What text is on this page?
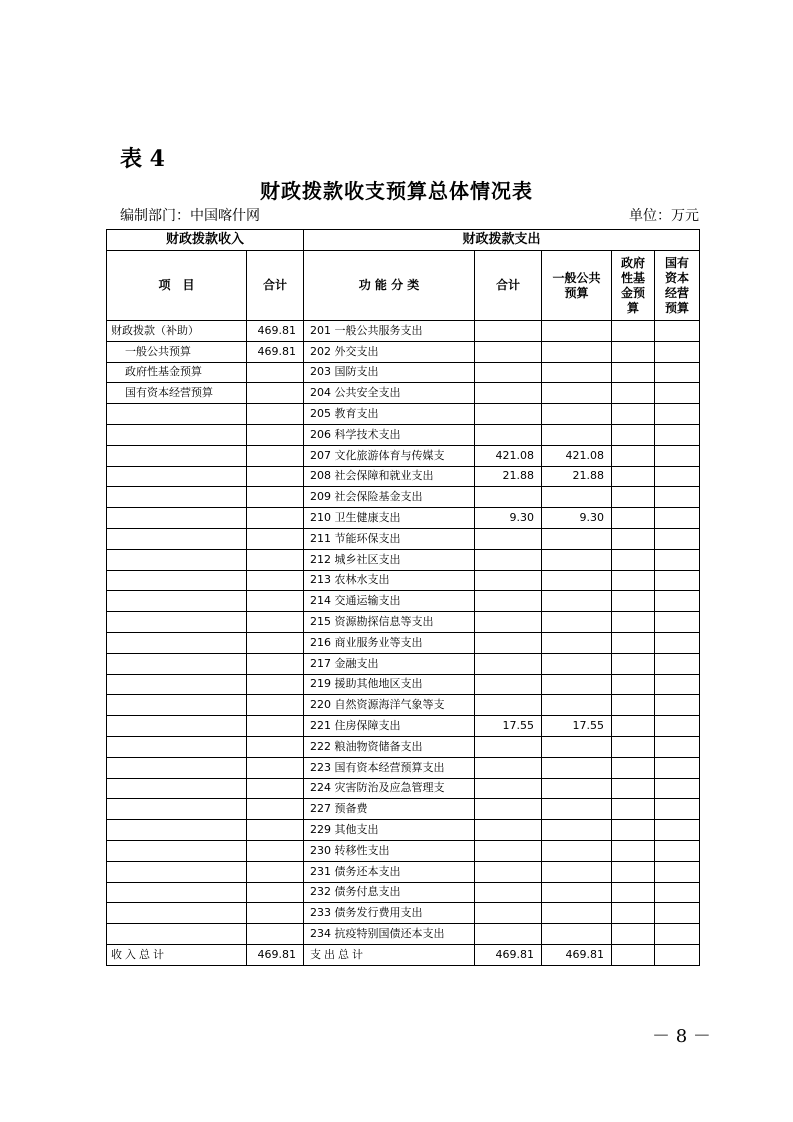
表 4
财政拨款收支预算总体情况表
编制部门：中国喀什网	单位：万元
财政拨款收入		财政拨款支出				
项　目	合计	功 能 分 类	合计	一般公共预算	政府性基金预算	国有资本经营预算
财政拨款（补助）	469.81	201 一般公共服务支出				
一般公共预算	469.81	202 外交支出				
政府性基金预算		203 国防支出				
国有资本经营预算		204 公共安全支出				
		205 教育支出				
		206 科学技术支出				
		207 文化旅游体育与传媒支	421.08	421.08		
		208 社会保障和就业支出	21.88	21.88		
		209 社会保险基金支出				
		210 卫生健康支出	9.30	9.30		
		211 节能环保支出				
		212 城乡社区支出				
		213 农林水支出				
		214 交通运输支出				
		215 资源勘探信息等支出				
		216 商业服务业等支出				
		217 金融支出				
		219 援助其他地区支出				
		220 自然资源海洋气象等支				
		221 住房保障支出	17.55	17.55		
		222 粮油物资储备支出				
		223 国有资本经营预算支出				
		224 灾害防治及应急管理支				
		227 预备费				
		229 其他支出				
		230 转移性支出				
		231 债务还本支出				
		232 债务付息支出				
		233 债务发行费用支出				
		234 抗疫特别国债还本支出				
收入总计	469.81	支出总计	469.81	469.81		
－ 8 －
